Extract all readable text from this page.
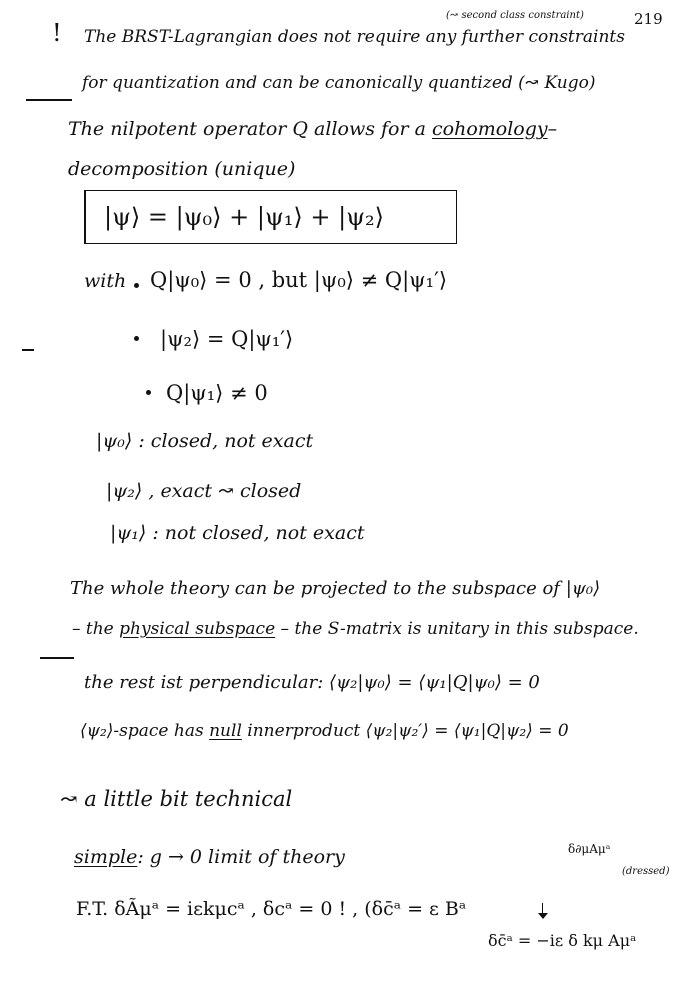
! The BRST-Lagrangian does not require any further constraints
(↝ second class constraint)	219
for quantization and can be canonically quantized (↝ Kugo)
The nilpotent operator Q allows for a cohomology–
decomposition (unique)
|ψ⟩ = |ψ₀⟩ + |ψ₁⟩ + |ψ₂⟩
with Q|ψ₀⟩ = 0 , but |ψ₀⟩ ≠ Q|ψ₁′⟩
|ψ₂⟩ = Q|ψ₁′⟩
Q|ψ₁⟩ ≠ 0
|ψ₀⟩ : closed, not exact
|ψ₂⟩ , exact ↝ closed
|ψ₁⟩ : not closed, not exact
The whole theory can be projected to the subspace of |ψ₀⟩
– the physical subspace – the S-matrix is unitary in this subspace.
the rest ist perpendicular: ⟨ψ₂|ψ₀⟩ = ⟨ψ₁|Q|ψ₀⟩ = 0
⟨ψ₂⟩-space has null innerproduct ⟨ψ₂|ψ₂′⟩ = ⟨ψ₁|Q|ψ₂⟩ = 0
↝ a little bit technical
simple: g → 0 limit of theory	δ∂μAμᵃ
(dressed)
F.T. δÃμᵃ = iεkμcᵃ , δcᵃ = 0 ! , (δc̄ᵃ = ε Bᵃ
δc̄ᵃ = −iε δ kμ Aμᵃ
